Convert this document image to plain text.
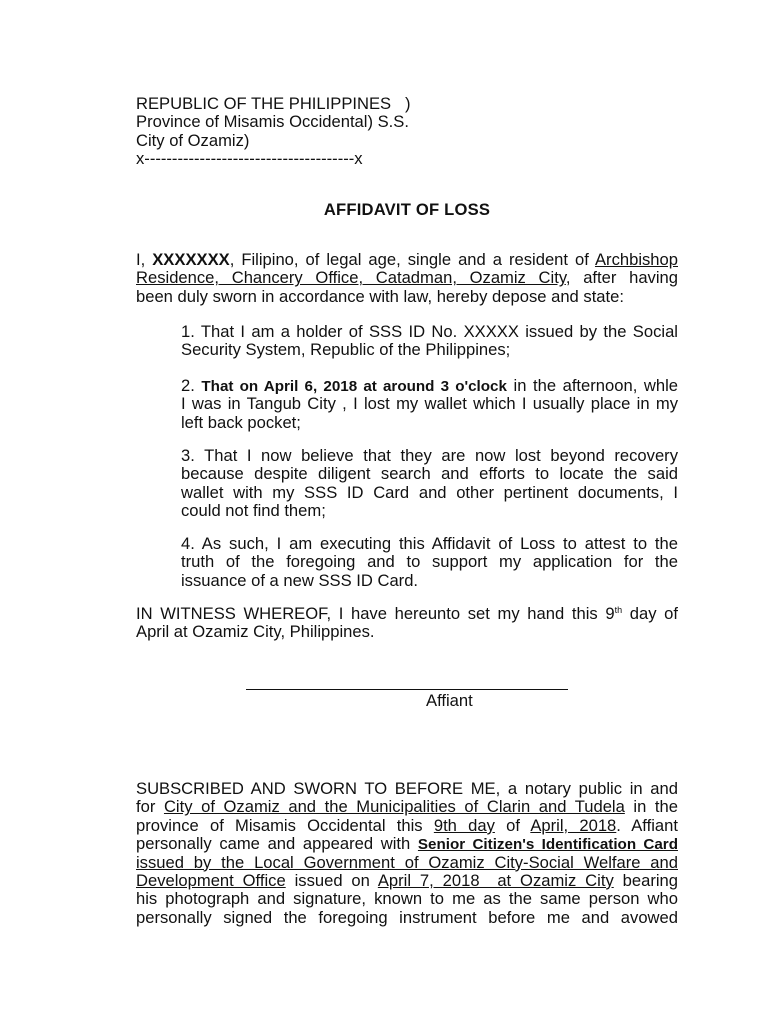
REPUBLIC OF THE PHILIPPINES   )
Province of Misamis Occidental) S.S.
City of Ozamiz)
x--------------------------------------x
AFFIDAVIT OF LOSS
I, XXXXXXX, Filipino, of legal age, single and a resident of Archbishop
Residence, Chancery Office, Catadman, Ozamiz City, after having
been duly sworn in accordance with law, hereby depose and state:
1. That I am a holder of SSS ID No. XXXXX issued by the Social
Security System, Republic of the Philippines;
2. That on April 6, 2018 at around 3 o'clock in the afternoon, whle
I was in Tangub City , I lost my wallet which I usually place in my
left back pocket;
3. That I now believe that they are now lost beyond recovery
because despite diligent search and efforts to locate the said
wallet with my SSS ID Card and other pertinent documents, I
could not find them;
4. As such, I am executing this Affidavit of Loss to attest to the
truth of the foregoing and to support my application for the
issuance of a new SSS ID Card.
IN WITNESS WHEREOF, I have hereunto set my hand this 9th day of
April at Ozamiz City, Philippines.
Affiant
SUBSCRIBED AND SWORN TO BEFORE ME, a notary public in and
for City of Ozamiz and the Municipalities of Clarin and Tudela in the
province of Misamis Occidental this 9th day of April, 2018. Affiant
personally came and appeared with Senior Citizen's Identification Card
issued by the Local Government of Ozamiz City-Social Welfare and
Development Office issued on April 7, 2018  at Ozamiz City bearing
his photograph and signature, known to me as the same person who
personally signed the foregoing instrument before me and avowed
